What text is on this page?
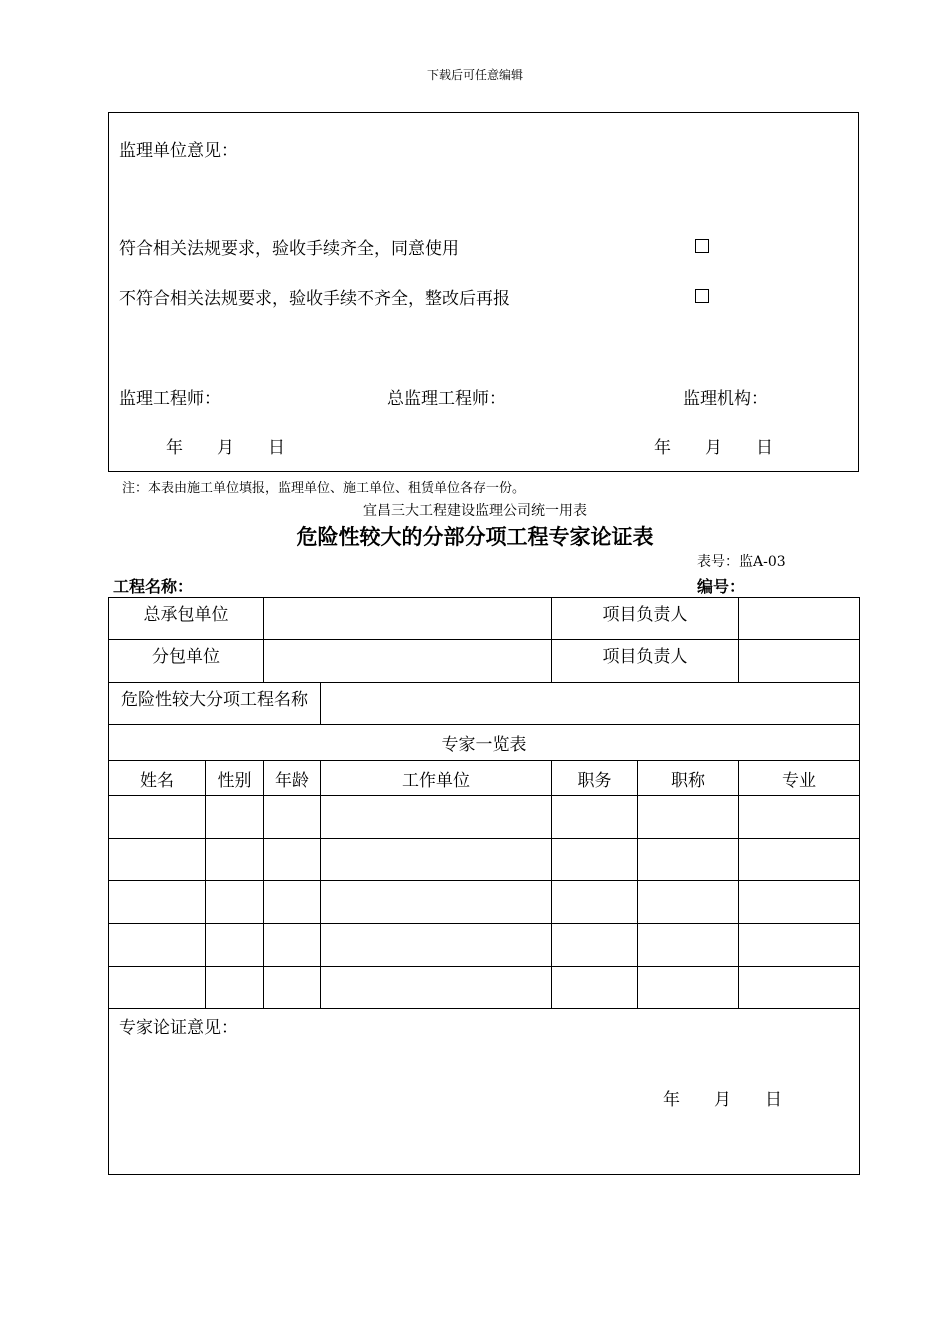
下载后可任意编辑
监理单位意见：
符合相关法规要求，验收手续齐全，同意使用
不符合相关法规要求，验收手续不齐全，整改后再报
监理工程师：	总监理工程师：	监理机构：
年　　月　　日	年　　月　　日
注：本表由施工单位填报，监理单位、施工单位、租赁单位各存一份。
宜昌三大工程建设监理公司统一用表
危险性较大的分部分项工程专家论证表
表号：监A-03
工程名称：	编号：
总承包单位				项目负责人		
分包单位				项目负责人		
危险性较大分项工程名称						
专家一览表						
姓名	性别	年龄	工作单位	职务	职称	专业

专家论证意见：
年　　月　　日						
